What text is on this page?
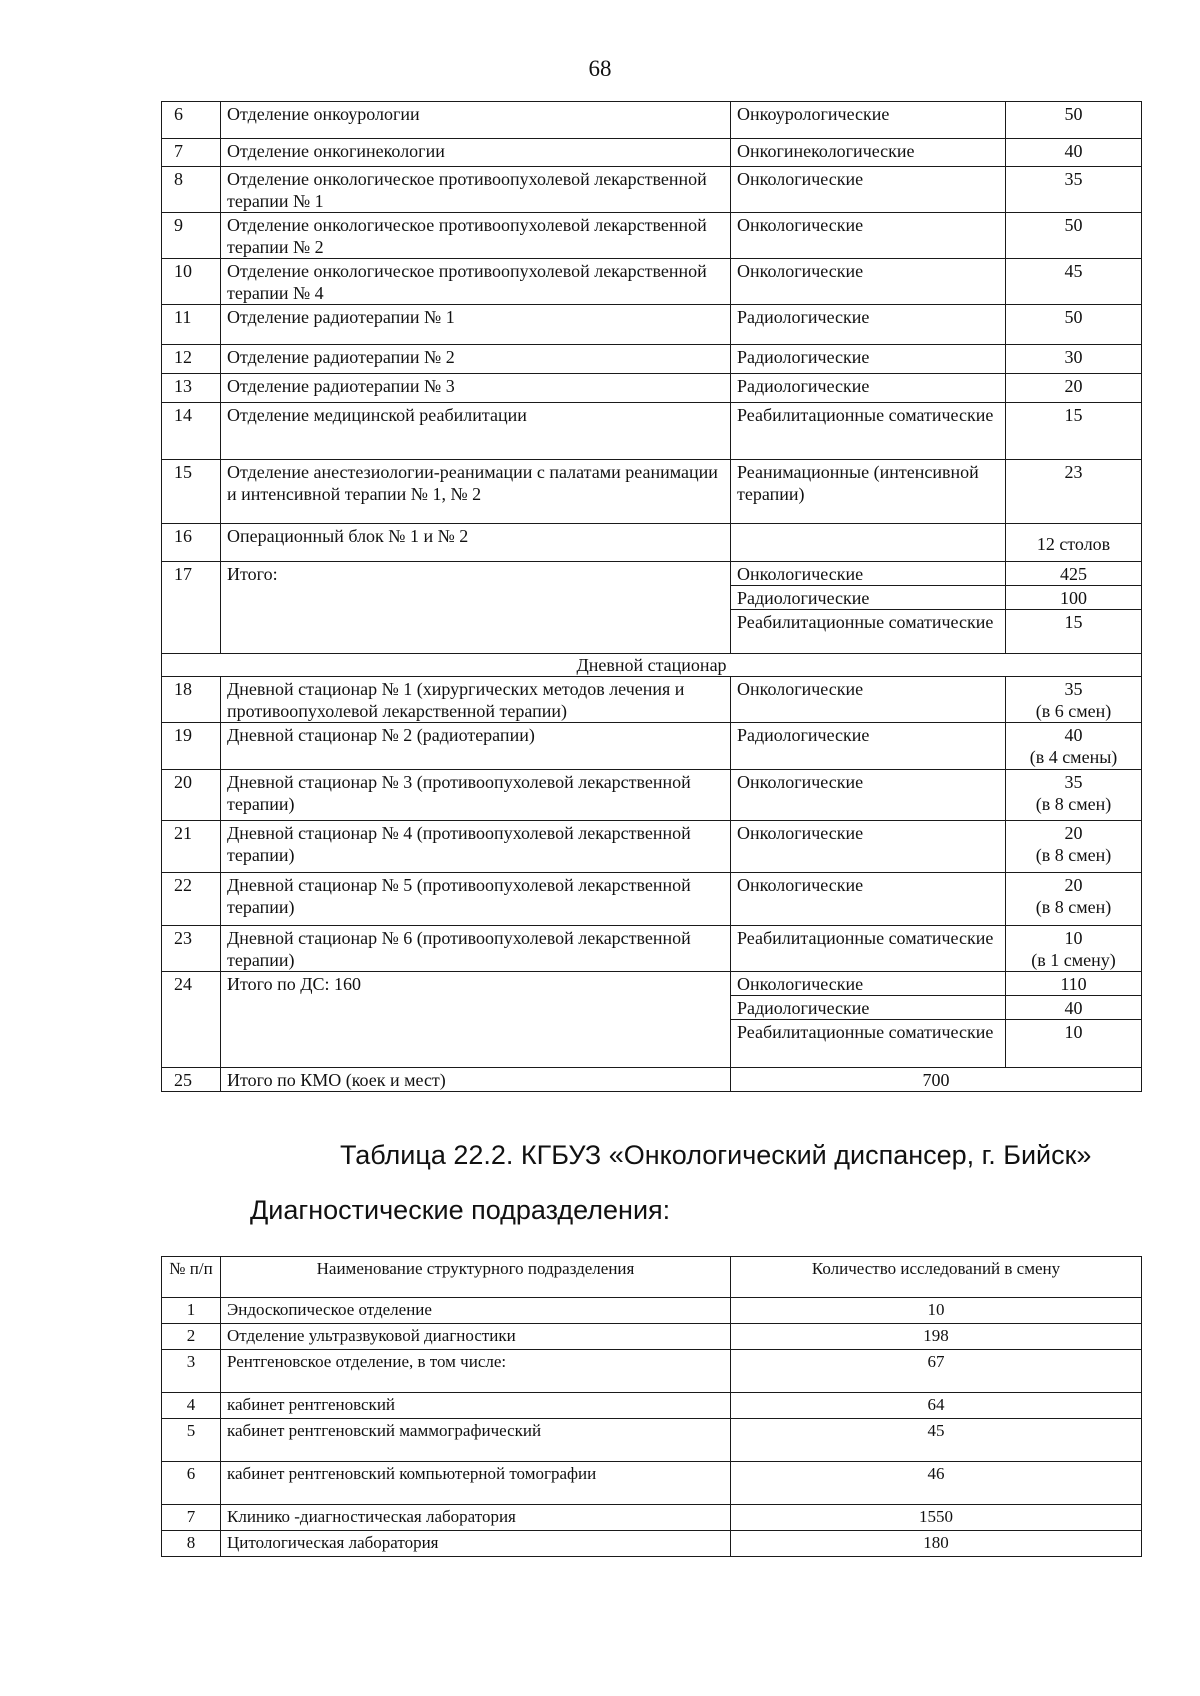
68
6	Отделение онкоурологии	Онкоурологические	50
7	Отделение онкогинекологии	Онкогинекологические	40
8	Отделение онкологическое противоопухолевой лекарственной терапии № 1	Онкологические	35
9	Отделение онкологическое противоопухолевой лекарственной терапии № 2	Онкологические	50
10	Отделение онкологическое противоопухолевой лекарственной терапии № 4	Онкологические	45
11	Отделение радиотерапии № 1	Радиологические	50
12	Отделение радиотерапии № 2	Радиологические	30
13	Отделение радиотерапии № 3	Радиологические	20
14	Отделение медицинской реабилитации	Реабилитационные соматические	15
15	Отделение анестезиологии-реанимации с палатами реанимации и интенсивной терапии № 1, № 2	Реанимационные (интенсивной терапии)	23
16	Операционный блок № 1 и № 2		12 столов
17	Итого:	Онкологические	425
		Радиологические	100
		Реабилитационные соматические	15
Дневной стационар			
18	Дневной стационар № 1 (хирургических методов лечения и противоопухолевой лекарственной терапии)	Онкологические	35
(в 6 смен)

19	Дневной стационар № 2 (радиотерапии)	Радиологические	40
(в 4 смены)

20	Дневной стационар № 3 (противоопухолевой лекарственной терапии)	Онкологические	35
(в 8 смен)

21	Дневной стационар № 4 (противоопухолевой лекарственной терапии)	Онкологические	20
(в 8 смен)

22	Дневной стационар № 5 (противоопухолевой лекарственной терапии)	Онкологические	20
(в 8 смен)

23	Дневной стационар № 6 (противоопухолевой лекарственной терапии)	Реабилитационные соматические	10
(в 1 смену)

24	Итого по ДС: 160	Онкологические	110
		Радиологические	40
		Реабилитационные соматические	10
25	Итого по КМО (коек и мест)	700	
Таблица 22.2. КГБУЗ «Онкологический диспансер, г. Бийск»
Диагностические подразделения:
№ п/п	Наименование структурного подразделения	Количество исследований в смену
1	Эндоскопическое отделение	10
2	Отделение ультразвуковой диагностики	198
3	Рентгеновское отделение, в том числе:	67
4	кабинет рентгеновский	64
5	кабинет рентгеновский маммографический	45
6	кабинет рентгеновский компьютерной томографии	46
7	Клинико -диагностическая лаборатория	1550
8	Цитологическая лаборатория	180
